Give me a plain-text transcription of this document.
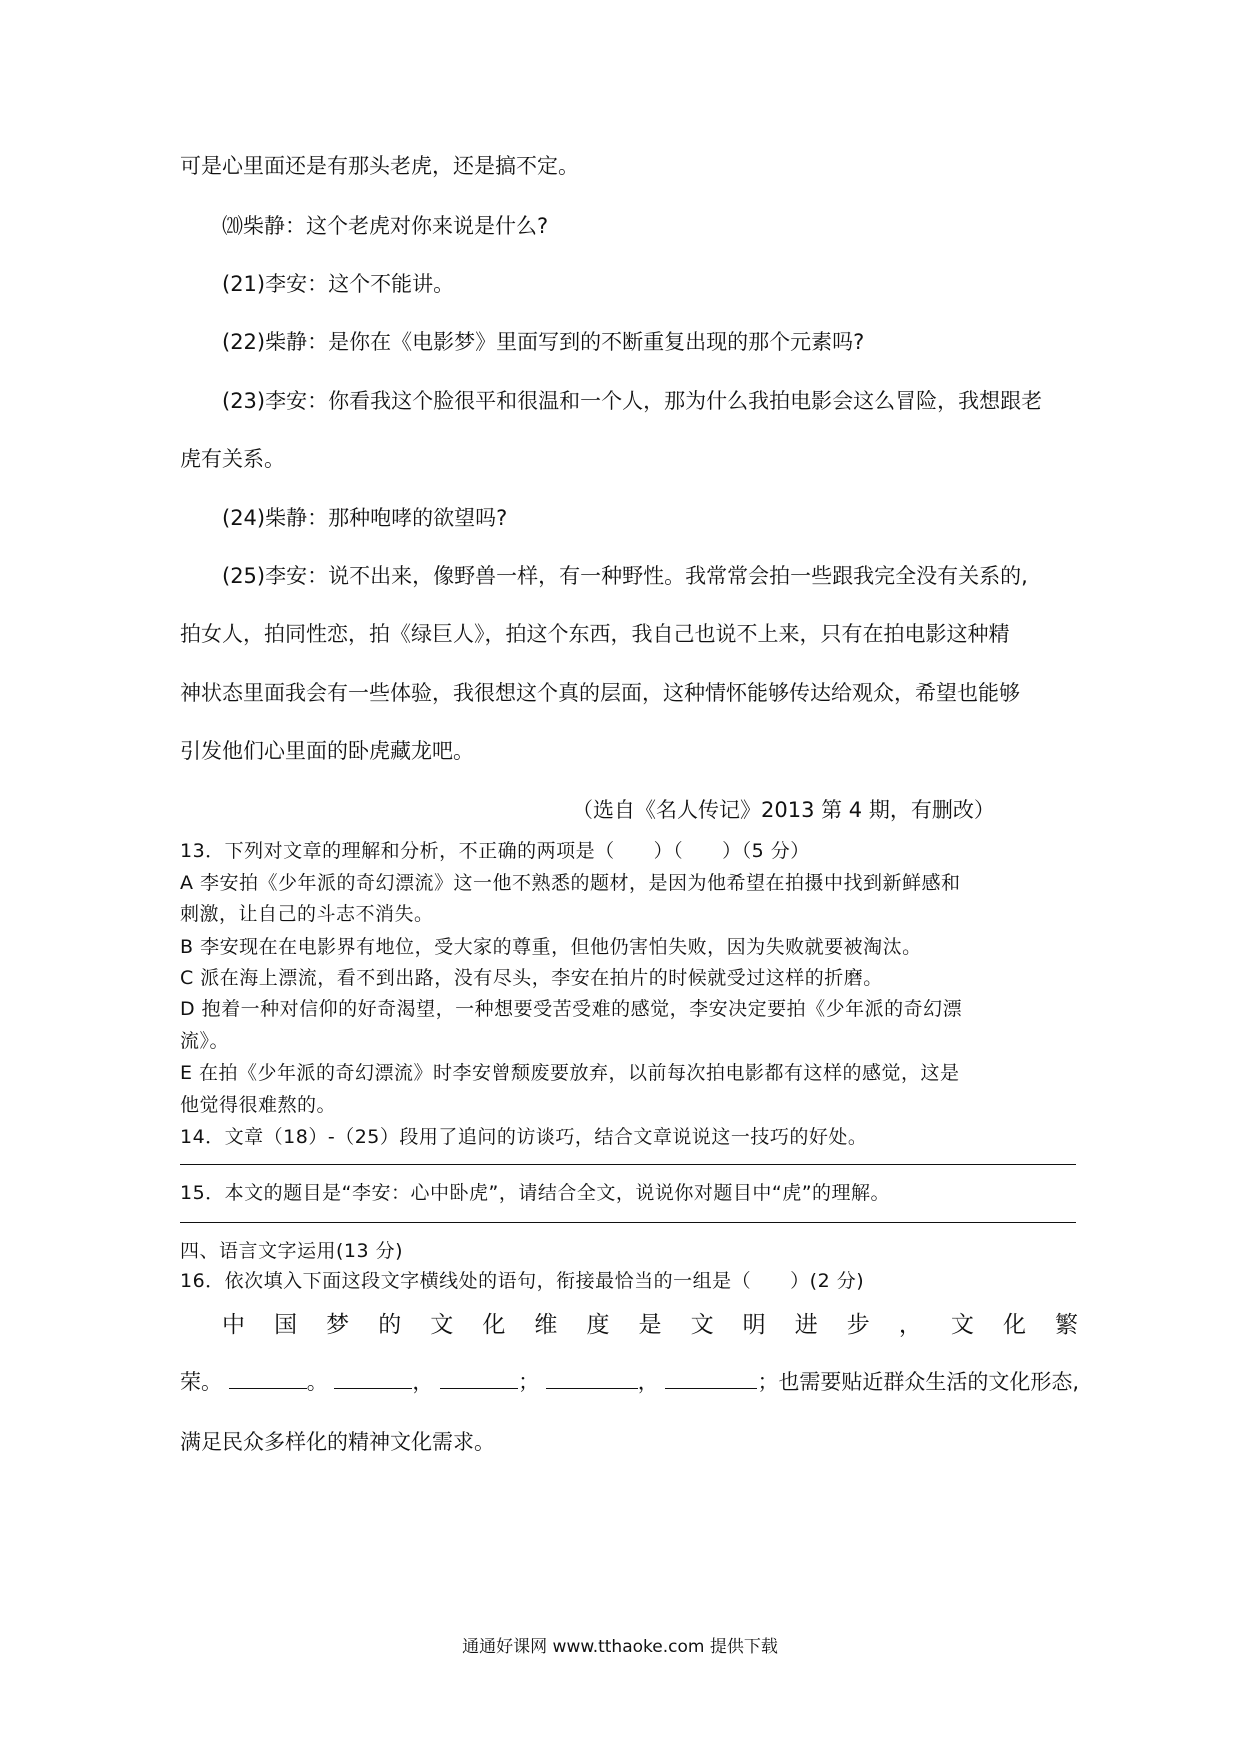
可是心里面还是有那头老虎，还是搞不定。
⒇柴静：这个老虎对你来说是什么?
(21)李安：这个不能讲。
(22)柴静：是你在《电影梦》里面写到的不断重复出现的那个元素吗?
(23)李安：你看我这个脸很平和很温和一个人，那为什么我拍电影会这么冒险，我想跟老
虎有关系。
(24)柴静：那种咆哮的欲望吗?
(25)李安：说不出来，像野兽一样，有一种野性。我常常会拍一些跟我完全没有关系的,
拍女人，拍同性恋，拍《绿巨人》，拍这个东西，我自己也说不上来，只有在拍电影这种精
神状态里面我会有一些体验，我很想这个真的层面，这种情怀能够传达给观众，希望也能够
引发他们心里面的卧虎藏龙吧。
（选自《名人传记》2013 第 4 期，有删改）
13．下列对文章的理解和分析，不正确的两项是（　　）（　　）（5 分）
A 李安拍《少年派的奇幻漂流》这一他不熟悉的题材，是因为他希望在拍摄中找到新鲜感和
刺激，让自己的斗志不消失。
B 李安现在在电影界有地位，受大家的尊重，但他仍害怕失败，因为失败就要被淘汰。
C 派在海上漂流，看不到出路，没有尽头，李安在拍片的时候就受过这样的折磨。
D 抱着一种对信仰的好奇渴望，一种想要受苦受难的感觉，李安决定要拍《少年派的奇幻漂
流》。
E 在拍《少年派的奇幻漂流》时李安曾颓废要放弃，以前每次拍电影都有这样的感觉，这是
他觉得很难熬的。
14．文章（18）-（25）段用了追问的访谈巧，结合文章说说这一技巧的好处。
15．本文的题目是“李安：心中卧虎”，请结合全文，说说你对题目中“虎”的理解。
四、语言文字运用(13 分)
16．依次填入下面这段文字横线处的语句，衔接最恰当的一组是（　　）(2 分)
中 国 梦 的 文 化 维 度 是 文 明 进 步 ， 文 化 繁
荣。	。	，	；	，	；也需要贴近群众生活的文化形态,
满足民众多样化的精神文化需求。
通通好课网 www.tthaoke.com 提供下载
